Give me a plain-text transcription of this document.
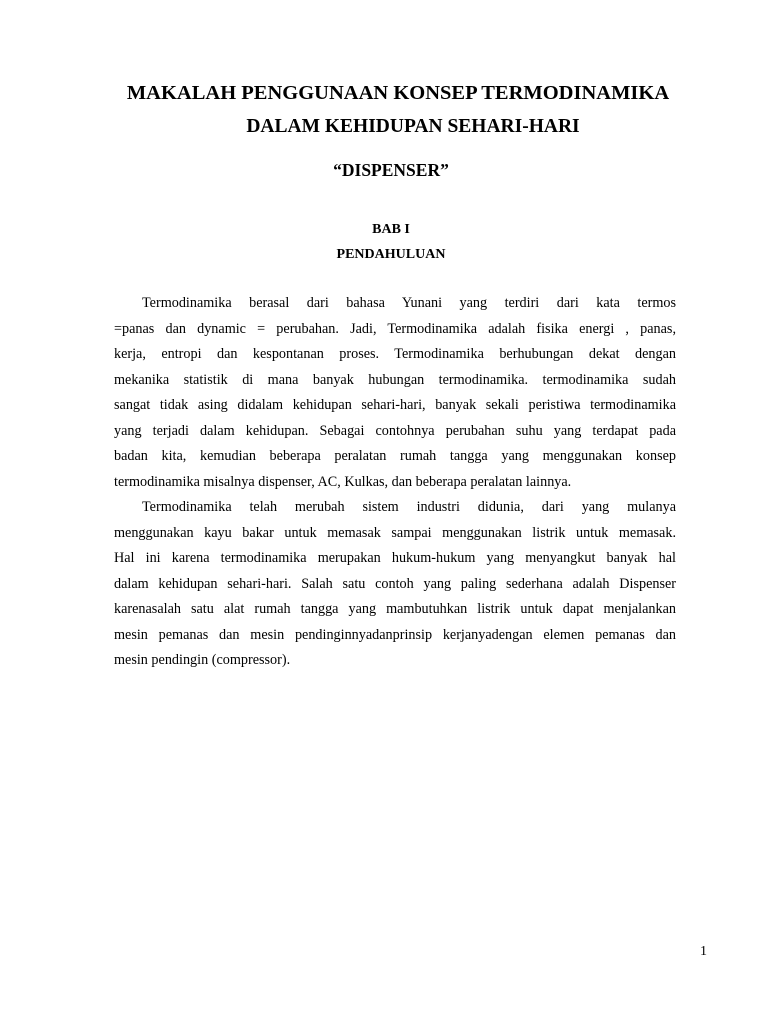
MAKALAH PENGGUNAAN KONSEP TERMODINAMIKA
DALAM KEHIDUPAN SEHARI-HARI
“DISPENSER”
BAB I
PENDAHULUAN
Termodinamika berasal dari bahasa Yunani yang terdiri dari kata termos
=panas dan dynamic = perubahan. Jadi, Termodinamika adalah fisika energi , panas,
kerja, entropi dan kespontanan proses. Termodinamika berhubungan dekat dengan
mekanika statistik di mana banyak hubungan termodinamika. termodinamika sudah
sangat tidak asing didalam kehidupan sehari-hari, banyak sekali peristiwa termodinamika
yang terjadi dalam kehidupan. Sebagai contohnya perubahan suhu yang terdapat pada
badan kita, kemudian beberapa peralatan rumah tangga yang menggunakan konsep
termodinamika misalnya dispenser, AC, Kulkas, dan beberapa peralatan lainnya.
Termodinamika telah merubah sistem industri didunia, dari yang mulanya
menggunakan kayu bakar untuk memasak sampai menggunakan listrik untuk memasak.
Hal ini karena termodinamika merupakan hukum-hukum yang menyangkut banyak hal
dalam kehidupan sehari-hari. Salah satu contoh yang paling sederhana adalah Dispenser
karenasalah satu alat rumah tangga yang mambutuhkan listrik untuk dapat menjalankan
mesin pemanas dan mesin pendinginnyadanprinsip kerjanyadengan elemen pemanas dan
mesin pendingin (compressor).
1
